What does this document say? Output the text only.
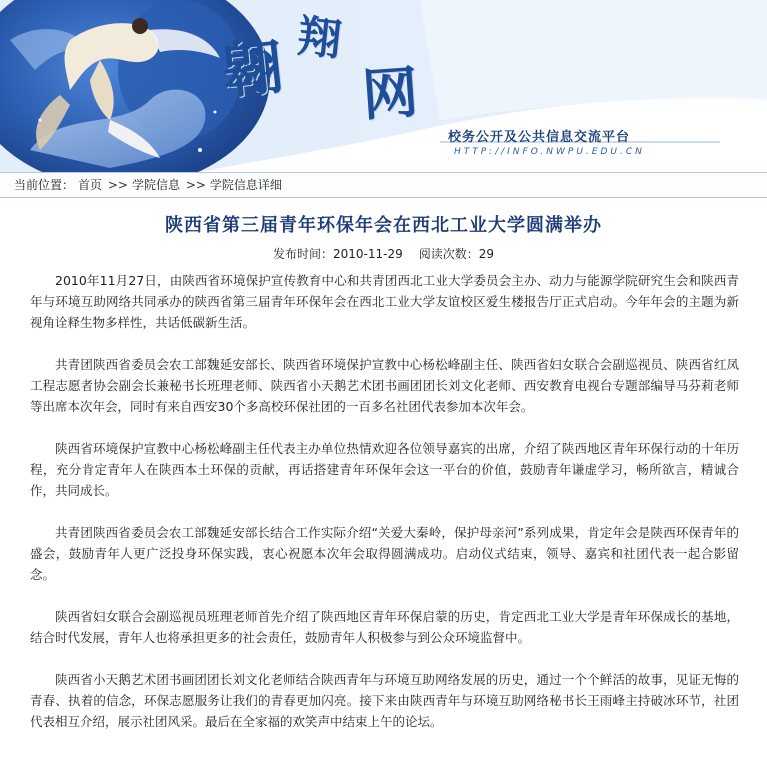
翱 翔
网
校务公开及公共信息交流平台
HTTP://INFO.NWPU.EDU.CN
当前位置： 首页 >> 学院信息 >> 学院信息详细
陕西省第三届青年环保年会在西北工业大学圆满举办
发布时间：2010-11-29 阅读次数：29

2010年11月27日，由陕西省环境保护宣传教育中心和共青团西北工业大学委员会主办、动力与能源学院研究生会和陕西青年与环境互助网络共同承办的陕西省第三届青年环保年会在西北工业大学友谊校区爱生楼报告厅正式启动。今年年会的主题为新视角诠释生物多样性，共话低碳新生活。

共青团陕西省委员会农工部魏延安部长、陕西省环境保护宣教中心杨松峰副主任、陕西省妇女联合会副巡视员、陕西省红凤工程志愿者协会副会长兼秘书长班理老师、陕西省小天鹅艺术团书画团团长刘文化老师、西安教育电视台专题部编导马芬莉老师等出席本次年会，同时有来自西安30个多高校环保社团的一百多名社团代表参加本次年会。

陕西省环境保护宣教中心杨松峰副主任代表主办单位热情欢迎各位领导嘉宾的出席，介绍了陕西地区青年环保行动的十年历程，充分肯定青年人在陕西本土环保的贡献，再话搭建青年环保年会这一平台的价值，鼓励青年谦虚学习，畅所欲言，精诚合作，共同成长。

共青团陕西省委员会农工部魏延安部长结合工作实际介绍“关爱大秦岭，保护母亲河”系列成果，肯定年会是陕西环保青年的盛会，鼓励青年人更广泛投身环保实践，衷心祝愿本次年会取得圆满成功。启动仪式结束，领导、嘉宾和社团代表一起合影留念。

陕西省妇女联合会副巡视员班理老师首先介绍了陕西地区青年环保启蒙的历史，肯定西北工业大学是青年环保成长的基地，结合时代发展，青年人也将承担更多的社会责任，鼓励青年人积极参与到公众环境监督中。

陕西省小天鹅艺术团书画团团长刘文化老师结合陕西青年与环境互助网络发展的历史，通过一个个鲜活的故事，见证无悔的青春、执着的信念，环保志愿服务让我们的青春更加闪亮。接下来由陕西青年与环境互助网络秘书长王雨峰主持破冰环节，社团代表相互介绍，展示社团风采。最后在全家福的欢笑声中结束上午的论坛。
